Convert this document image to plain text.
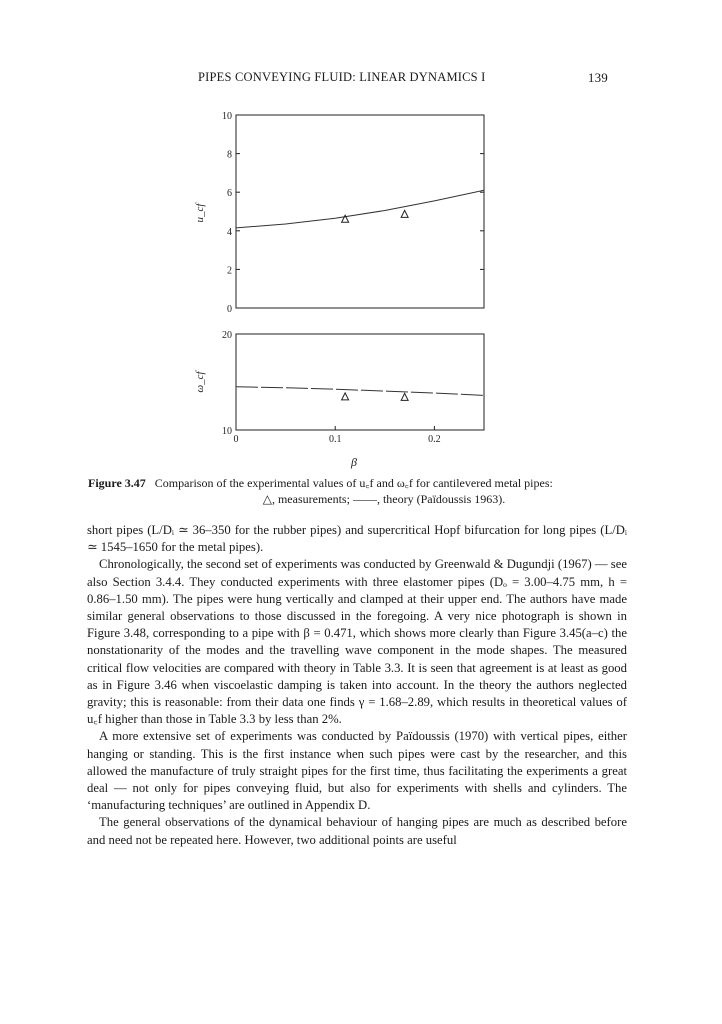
PIPES CONVEYING FLUID: LINEAR DYNAMICS I	139
0
2
4
6
8
10
u_cf
10
20
0	0.1	0.2
ω_cf
β
Figure 3.47 Comparison of the experimental values of u꜀f and ω꜀f for cantilevered metal pipes:
△, measurements; ——, theory (Païdoussis 1963).

short pipes (L/Dᵢ ≃ 36–350 for the rubber pipes) and supercritical Hopf bifurcation for long pipes (L/Dᵢ ≃ 1545–1650 for the metal pipes).

Chronologically, the second set of experiments was conducted by Greenwald & Dugundji (1967) — see also Section 3.4.4. They conducted experiments with three elastomer pipes (Dₒ = 3.00–4.75 mm, h = 0.86–1.50 mm). The pipes were hung vertically and clamped at their upper end. The authors have made similar general observations to those discussed in the foregoing. A very nice photograph is shown in Figure 3.48, corresponding to a pipe with β = 0.471, which shows more clearly than Figure 3.45(a–c) the nonstationarity of the modes and the travelling wave component in the mode shapes. The measured critical flow velocities are compared with theory in Table 3.3. It is seen that agreement is at least as good as in Figure 3.46 when viscoelastic damping is taken into account. In the theory the authors neglected gravity; this is reasonable: from their data one finds γ = 1.68–2.89, which results in theoretical values of u꜀f higher than those in Table 3.3 by less than 2%.

A more extensive set of experiments was conducted by Païdoussis (1970) with vertical pipes, either hanging or standing. This is the first instance when such pipes were cast by the researcher, and this allowed the manufacture of truly straight pipes for the first time, thus facilitating the experiments a great deal — not only for pipes conveying fluid, but also for experiments with shells and cylinders. The ‘manufacturing techniques’ are outlined in Appendix D.

The general observations of the dynamical behaviour of hanging pipes are much as described before and need not be repeated here. However, two additional points are useful
